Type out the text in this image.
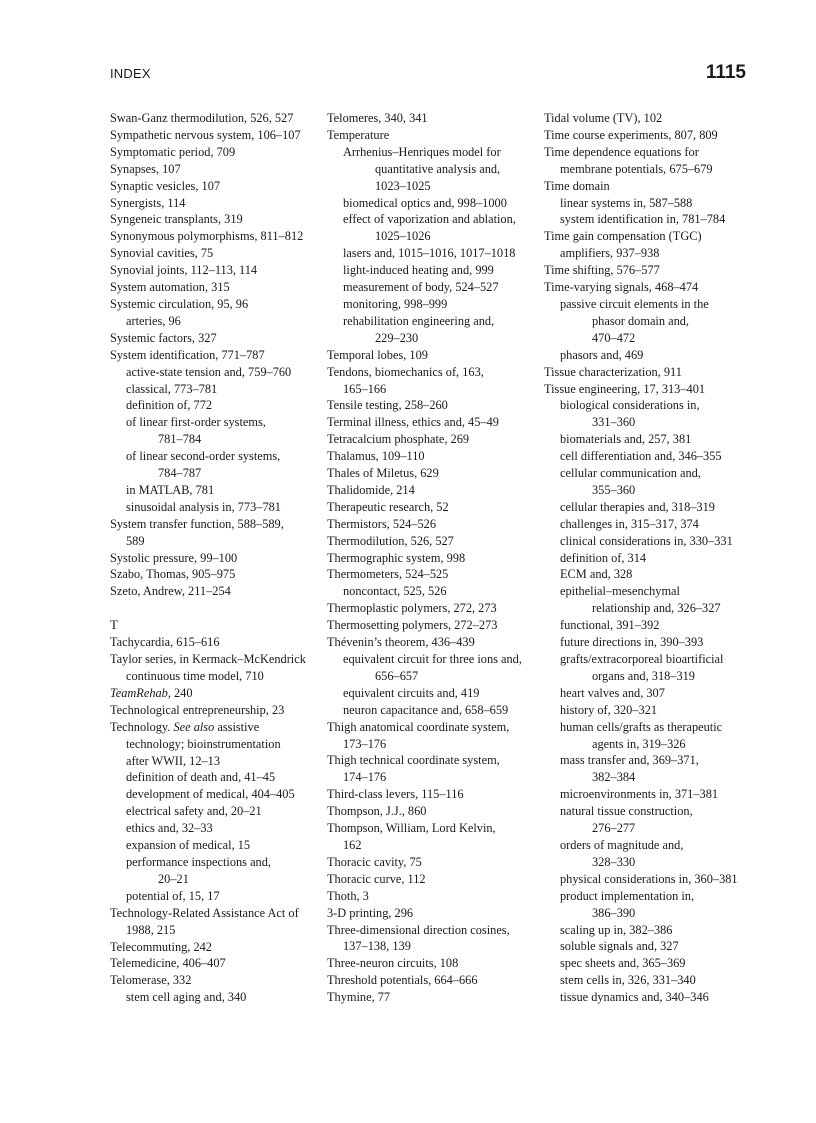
INDEX	1115
Swan-Ganz thermodilution, 526, 527
Sympathetic nervous system, 106–107
Symptomatic period, 709
Synapses, 107
Synaptic vesicles, 107
Synergists, 114
Syngeneic transplants, 319
Synonymous polymorphisms, 811–812
Synovial cavities, 75
Synovial joints, 112–113, 114
System automation, 315
Systemic circulation, 95, 96
arteries, 96
Systemic factors, 327
System identification, 771–787
active-state tension and, 759–760
classical, 773–781
definition of, 772
of linear first-order systems,
781–784
of linear second-order systems,
784–787
in MATLAB, 781
sinusoidal analysis in, 773–781
System transfer function, 588–589,
589
Systolic pressure, 99–100
Szabo, Thomas, 905–975
Szeto, Andrew, 211–254
T
Tachycardia, 615–616
Taylor series, in Kermack–McKendrick
continuous time model, 710
TeamRehab, 240
Technological entrepreneurship, 23
Technology. See also assistive
technology; bioinstrumentation
after WWII, 12–13
definition of death and, 41–45
development of medical, 404–405
electrical safety and, 20–21
ethics and, 32–33
expansion of medical, 15
performance inspections and,
20–21
potential of, 15, 17
Technology-Related Assistance Act of
1988, 215
Telecommuting, 242
Telemedicine, 406–407
Telomerase, 332
stem cell aging and, 340
Telomeres, 340, 341
Temperature
Arrhenius–Henriques model for
quantitative analysis and,
1023–1025
biomedical optics and, 998–1000
effect of vaporization and ablation,
1025–1026
lasers and, 1015–1016, 1017–1018
light-induced heating and, 999
measurement of body, 524–527
monitoring, 998–999
rehabilitation engineering and,
229–230
Temporal lobes, 109
Tendons, biomechanics of, 163,
165–166
Tensile testing, 258–260
Terminal illness, ethics and, 45–49
Tetracalcium phosphate, 269
Thalamus, 109–110
Thales of Miletus, 629
Thalidomide, 214
Therapeutic research, 52
Thermistors, 524–526
Thermodilution, 526, 527
Thermographic system, 998
Thermometers, 524–525
noncontact, 525, 526
Thermoplastic polymers, 272, 273
Thermosetting polymers, 272–273
Thévenin’s theorem, 436–439
equivalent circuit for three ions and,
656–657
equivalent circuits and, 419
neuron capacitance and, 658–659
Thigh anatomical coordinate system,
173–176
Thigh technical coordinate system,
174–176
Third-class levers, 115–116
Thompson, J.J., 860
Thompson, William, Lord Kelvin,
162
Thoracic cavity, 75
Thoracic curve, 112
Thoth, 3
3-D printing, 296
Three-dimensional direction cosines,
137–138, 139
Three-neuron circuits, 108
Threshold potentials, 664–666
Thymine, 77
Tidal volume (TV), 102
Time course experiments, 807, 809
Time dependence equations for
membrane potentials, 675–679
Time domain
linear systems in, 587–588
system identification in, 781–784
Time gain compensation (TGC)
amplifiers, 937–938
Time shifting, 576–577
Time-varying signals, 468–474
passive circuit elements in the
phasor domain and,
470–472
phasors and, 469
Tissue characterization, 911
Tissue engineering, 17, 313–401
biological considerations in,
331–360
biomaterials and, 257, 381
cell differentiation and, 346–355
cellular communication and,
355–360
cellular therapies and, 318–319
challenges in, 315–317, 374
clinical considerations in, 330–331
definition of, 314
ECM and, 328
epithelial–mesenchymal
relationship and, 326–327
functional, 391–392
future directions in, 390–393
grafts/extracorporeal bioartificial
organs and, 318–319
heart valves and, 307
history of, 320–321
human cells/grafts as therapeutic
agents in, 319–326
mass transfer and, 369–371,
382–384
microenvironments in, 371–381
natural tissue construction,
276–277
orders of magnitude and,
328–330
physical considerations in, 360–381
product implementation in,
386–390
scaling up in, 382–386
soluble signals and, 327
spec sheets and, 365–369
stem cells in, 326, 331–340
tissue dynamics and, 340–346
